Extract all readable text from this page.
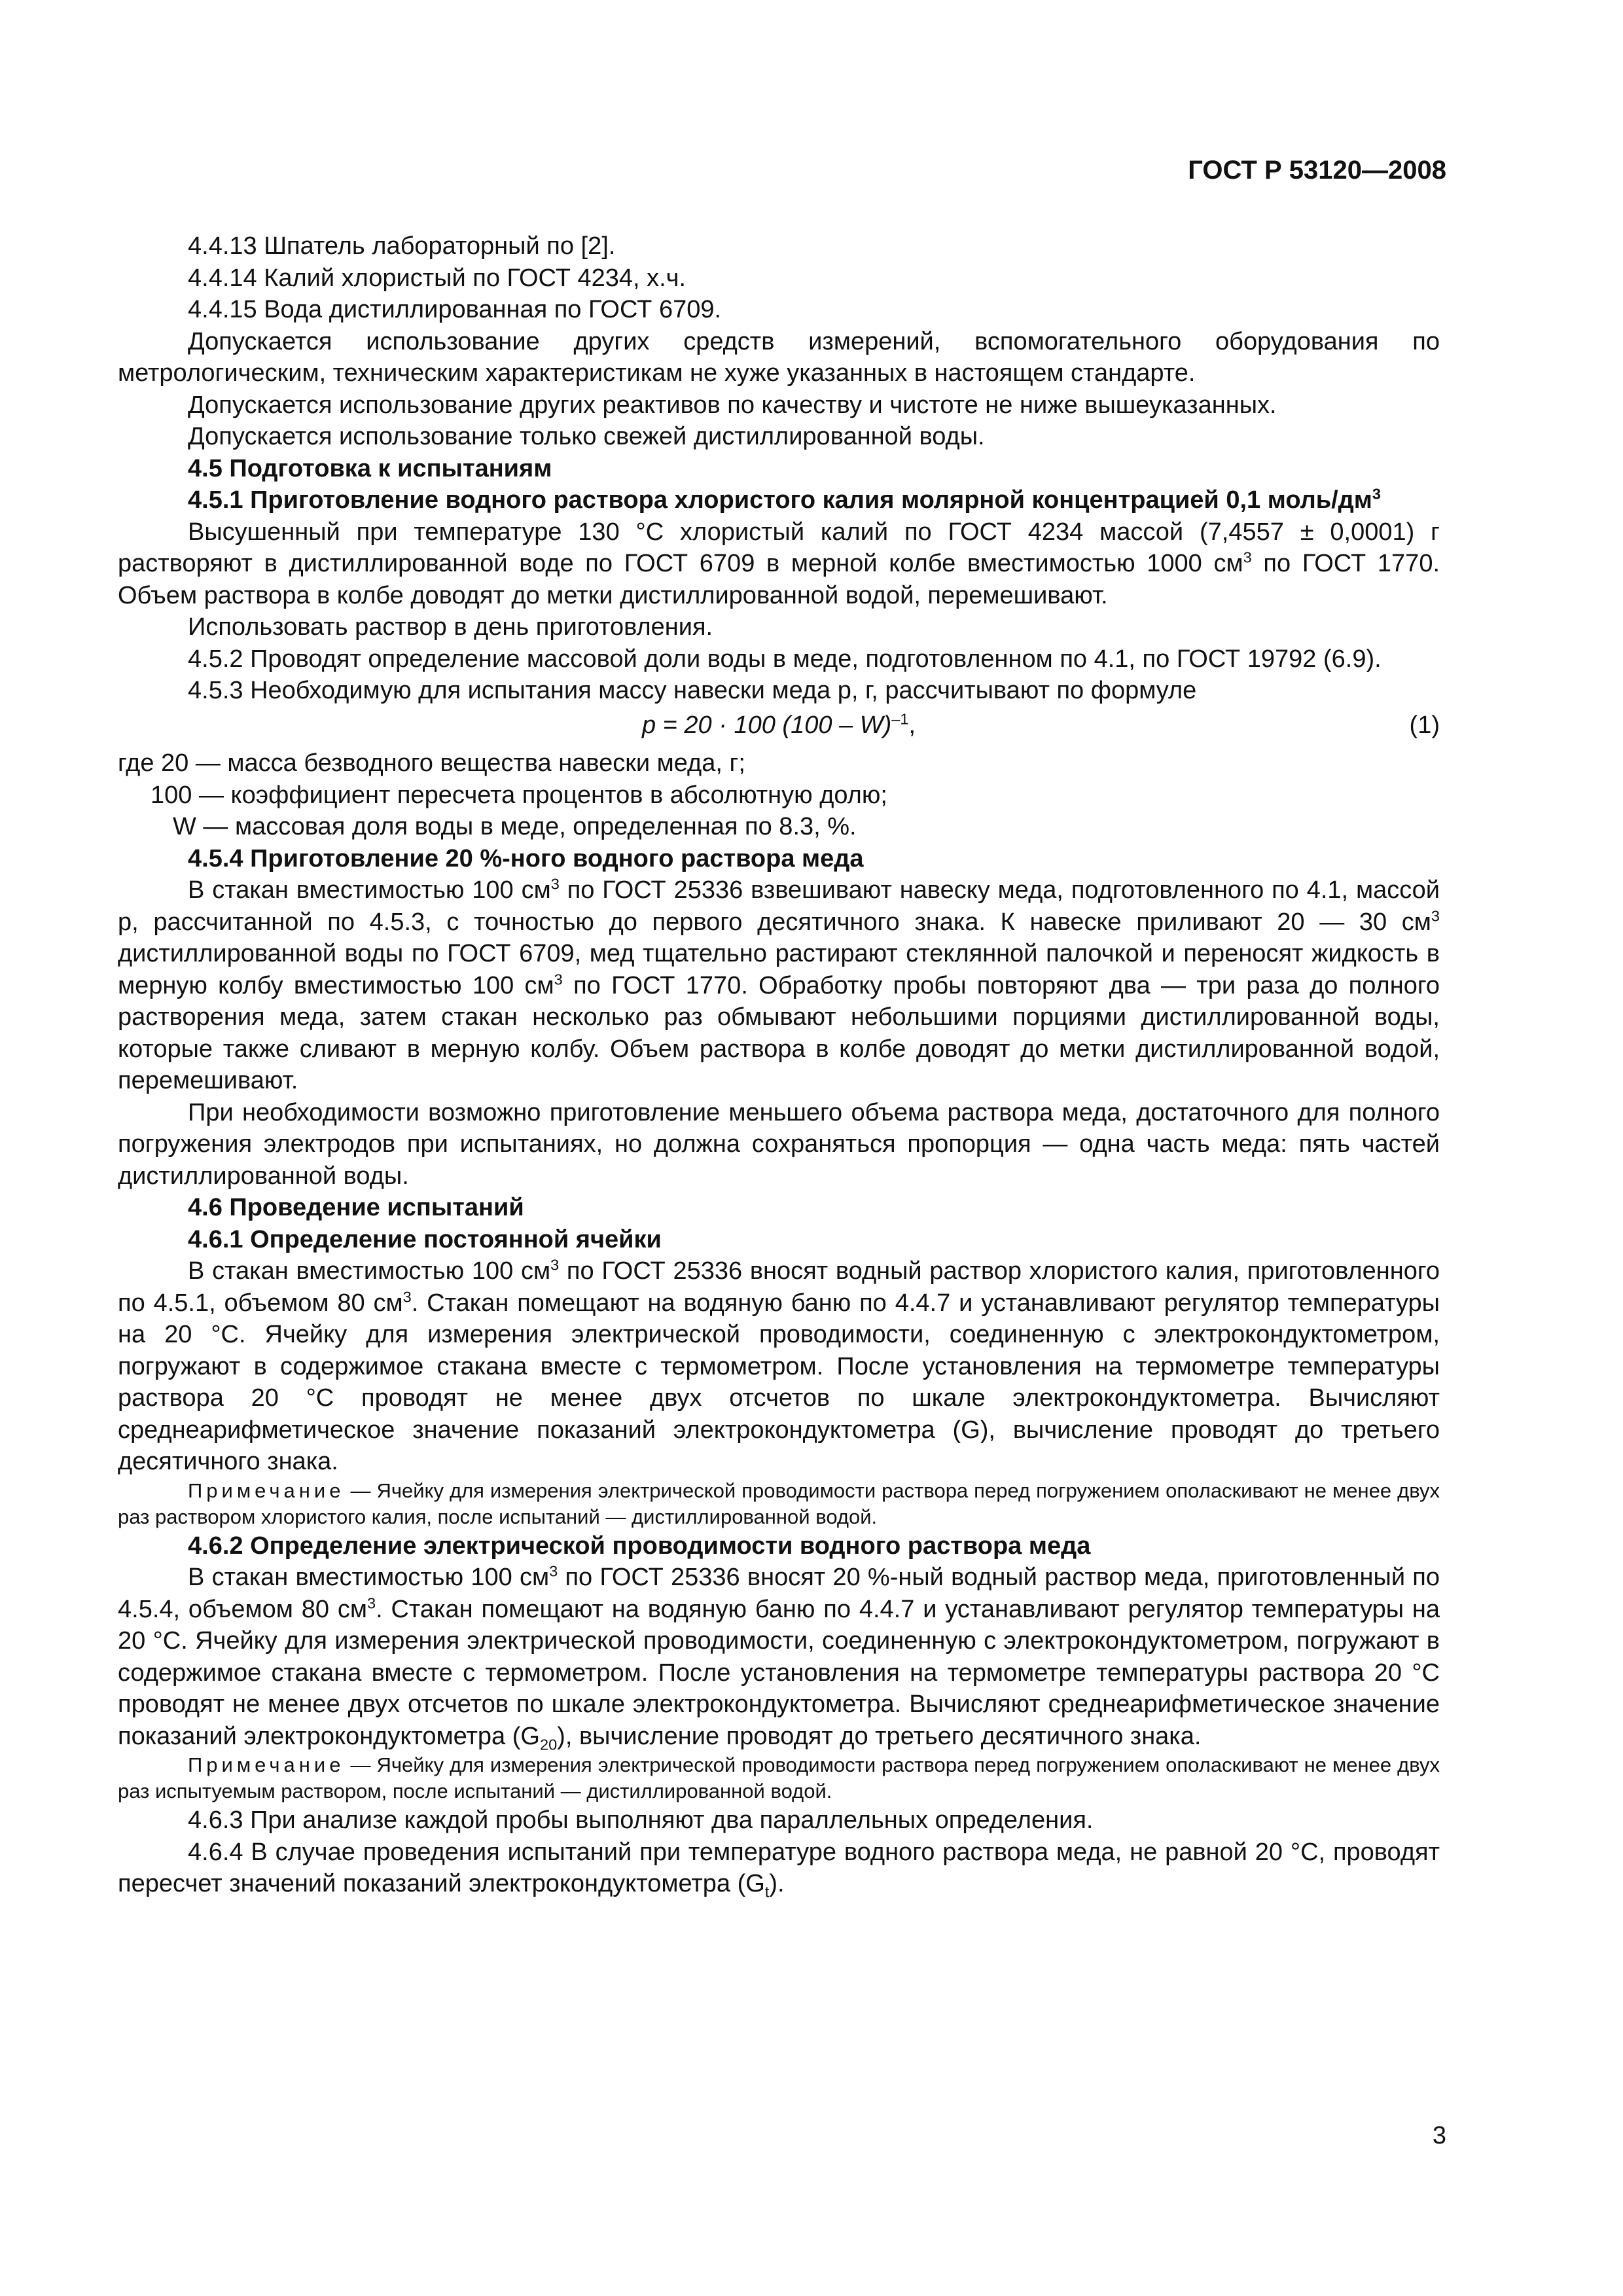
ГОСТ Р 53120—2008

4.4.13 Шпатель лабораторный по [2].

4.4.14 Калий хлористый по ГОСТ 4234, х.ч.

4.4.15 Вода дистиллированная по ГОСТ 6709.

Допускается использование других средств измерений, вспомогательного оборудования по метрологическим, техническим характеристикам не хуже указанных в настоящем стандарте.

Допускается использование других реактивов по качеству и чистоте не ниже вышеуказанных.

Допускается использование только свежей дистиллированной воды.

4.5 Подготовка к испытаниям

4.5.1 Приготовление водного раствора хлористого калия молярной концентрацией 0,1 моль/$дм^3$

Высушенный при температуре 130 °С хлористый калий по ГОСТ 4234 массой (7,4557 ± 0,0001) г растворяют в дистиллированной воде по ГОСТ 6709 в мерной колбе вместимостью 1000 $см^3$ по ГОСТ 1770. Объем раствора в колбе доводят до метки дистиллированной водой, перемешивают.

Использовать раствор в день приготовления.

4.5.2 Проводят определение массовой доли воды в меде, подготовленном по 4.1, по ГОСТ 19792 (6.9).

4.5.3 Необходимую для испытания массу навески меда p, г, рассчитывают по формуле

p = 20 · 100 (100 – W)$^{-1}$,	(1)

где 20 — масса безводного вещества навески меда, г;

100 — коэффициент пересчета процентов в абсолютную долю;

W — массовая доля воды в меде, определенная по 8.3, %.

4.5.4 Приготовление 20 %-ного водного раствора меда

В стакан вместимостью 100 $см^3$ по ГОСТ 25336 взвешивают навеску меда, подготовленного по 4.1, массой p, рассчитанной по 4.5.3, с точностью до первого десятичного знака. К навеске приливают 20 — 30 $см^3$ дистиллированной воды по ГОСТ 6709, мед тщательно растирают стеклянной палочкой и переносят жидкость в мерную колбу вместимостью 100 $см^3$ по ГОСТ 1770. Обработку пробы повторяют два — три раза до полного растворения меда, затем стакан несколько раз обмывают небольшими порциями дистиллированной воды, которые также сливают в мерную колбу. Объем раствора в колбе доводят до метки дистиллированной водой, перемешивают.

При необходимости возможно приготовление меньшего объема раствора меда, достаточного для полного погружения электродов при испытаниях, но должна сохраняться пропорция — одна часть меда: пять частей дистиллированной воды.

4.6 Проведение испытаний

4.6.1 Определение постоянной ячейки

В стакан вместимостью 100 $см^3$ по ГОСТ 25336 вносят водный раствор хлористого калия, приготовленного по 4.5.1, объемом 80 $см^3$. Стакан помещают на водяную баню по 4.4.7 и устанавливают регулятор температуры на 20 °С. Ячейку для измерения электрической проводимости, соединенную с электрокондуктометром, погружают в содержимое стакана вместе с термометром. После установления на термометре температуры раствора 20 °С проводят не менее двух отсчетов по шкале электрокондуктометра. Вычисляют среднеарифметическое значение показаний электрокондуктометра (G), вычисление проводят до третьего десятичного знака.

Примечание — Ячейку для измерения электрической проводимости раствора перед погружением ополаскивают не менее двух раз раствором хлористого калия, после испытаний — дистиллированной водой.

4.6.2 Определение электрической проводимости водного раствора меда

В стакан вместимостью 100 $см^3$ по ГОСТ 25336 вносят 20 %-ный водный раствор меда, приготовленный по 4.5.4, объемом 80 $см^3$. Стакан помещают на водяную баню по 4.4.7 и устанавливают регулятор температуры на 20 °С. Ячейку для измерения электрической проводимости, соединенную с электрокондуктометром, погружают в содержимое стакана вместе с термометром. После установления на термометре температуры раствора 20 °С проводят не менее двух отсчетов по шкале электрокондуктометра. Вычисляют среднеарифметическое значение показаний электрокондуктометра $(G_{20})$, вычисление проводят до третьего десятичного знака.

Примечание — Ячейку для измерения электрической проводимости раствора перед погружением ополаскивают не менее двух раз испытуемым раствором, после испытаний — дистиллированной водой.

4.6.3 При анализе каждой пробы выполняют два параллельных определения.

4.6.4 В случае проведения испытаний при температуре водного раствора меда, не равной 20 °С, проводят пересчет значений показаний электрокондуктометра $(G_t)$.

3
